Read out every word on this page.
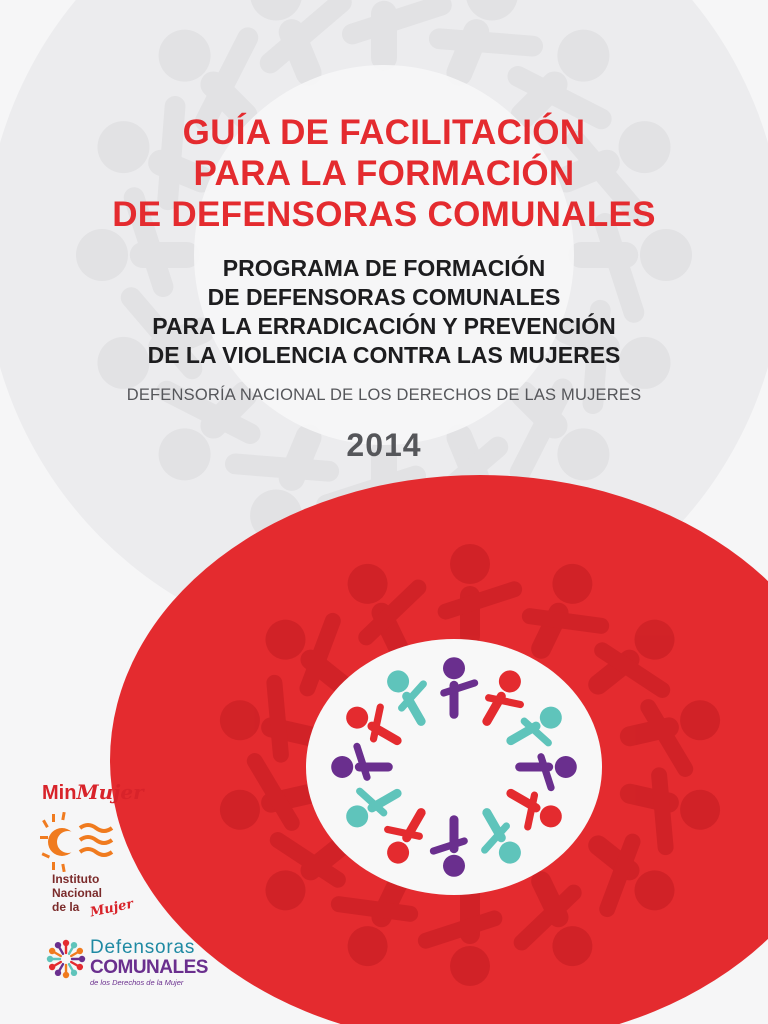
GUÍA DE FACILITACIÓN
PARA LA FORMACIÓN
DE DEFENSORAS COMUNALES
PROGRAMA DE FORMACIÓN
DE DEFENSORAS COMUNALES
PARA LA ERRADICACIÓN Y PREVENCIÓN
DE LA VIOLENCIA CONTRA LAS MUJERES
DEFENSORÍA NACIONAL DE LOS DERECHOS DE LAS MUJERES
2014
MinMujer
Instituto
Nacional
de la Mujer
Defensoras
COMUNALES
de los Derechos de la Mujer
